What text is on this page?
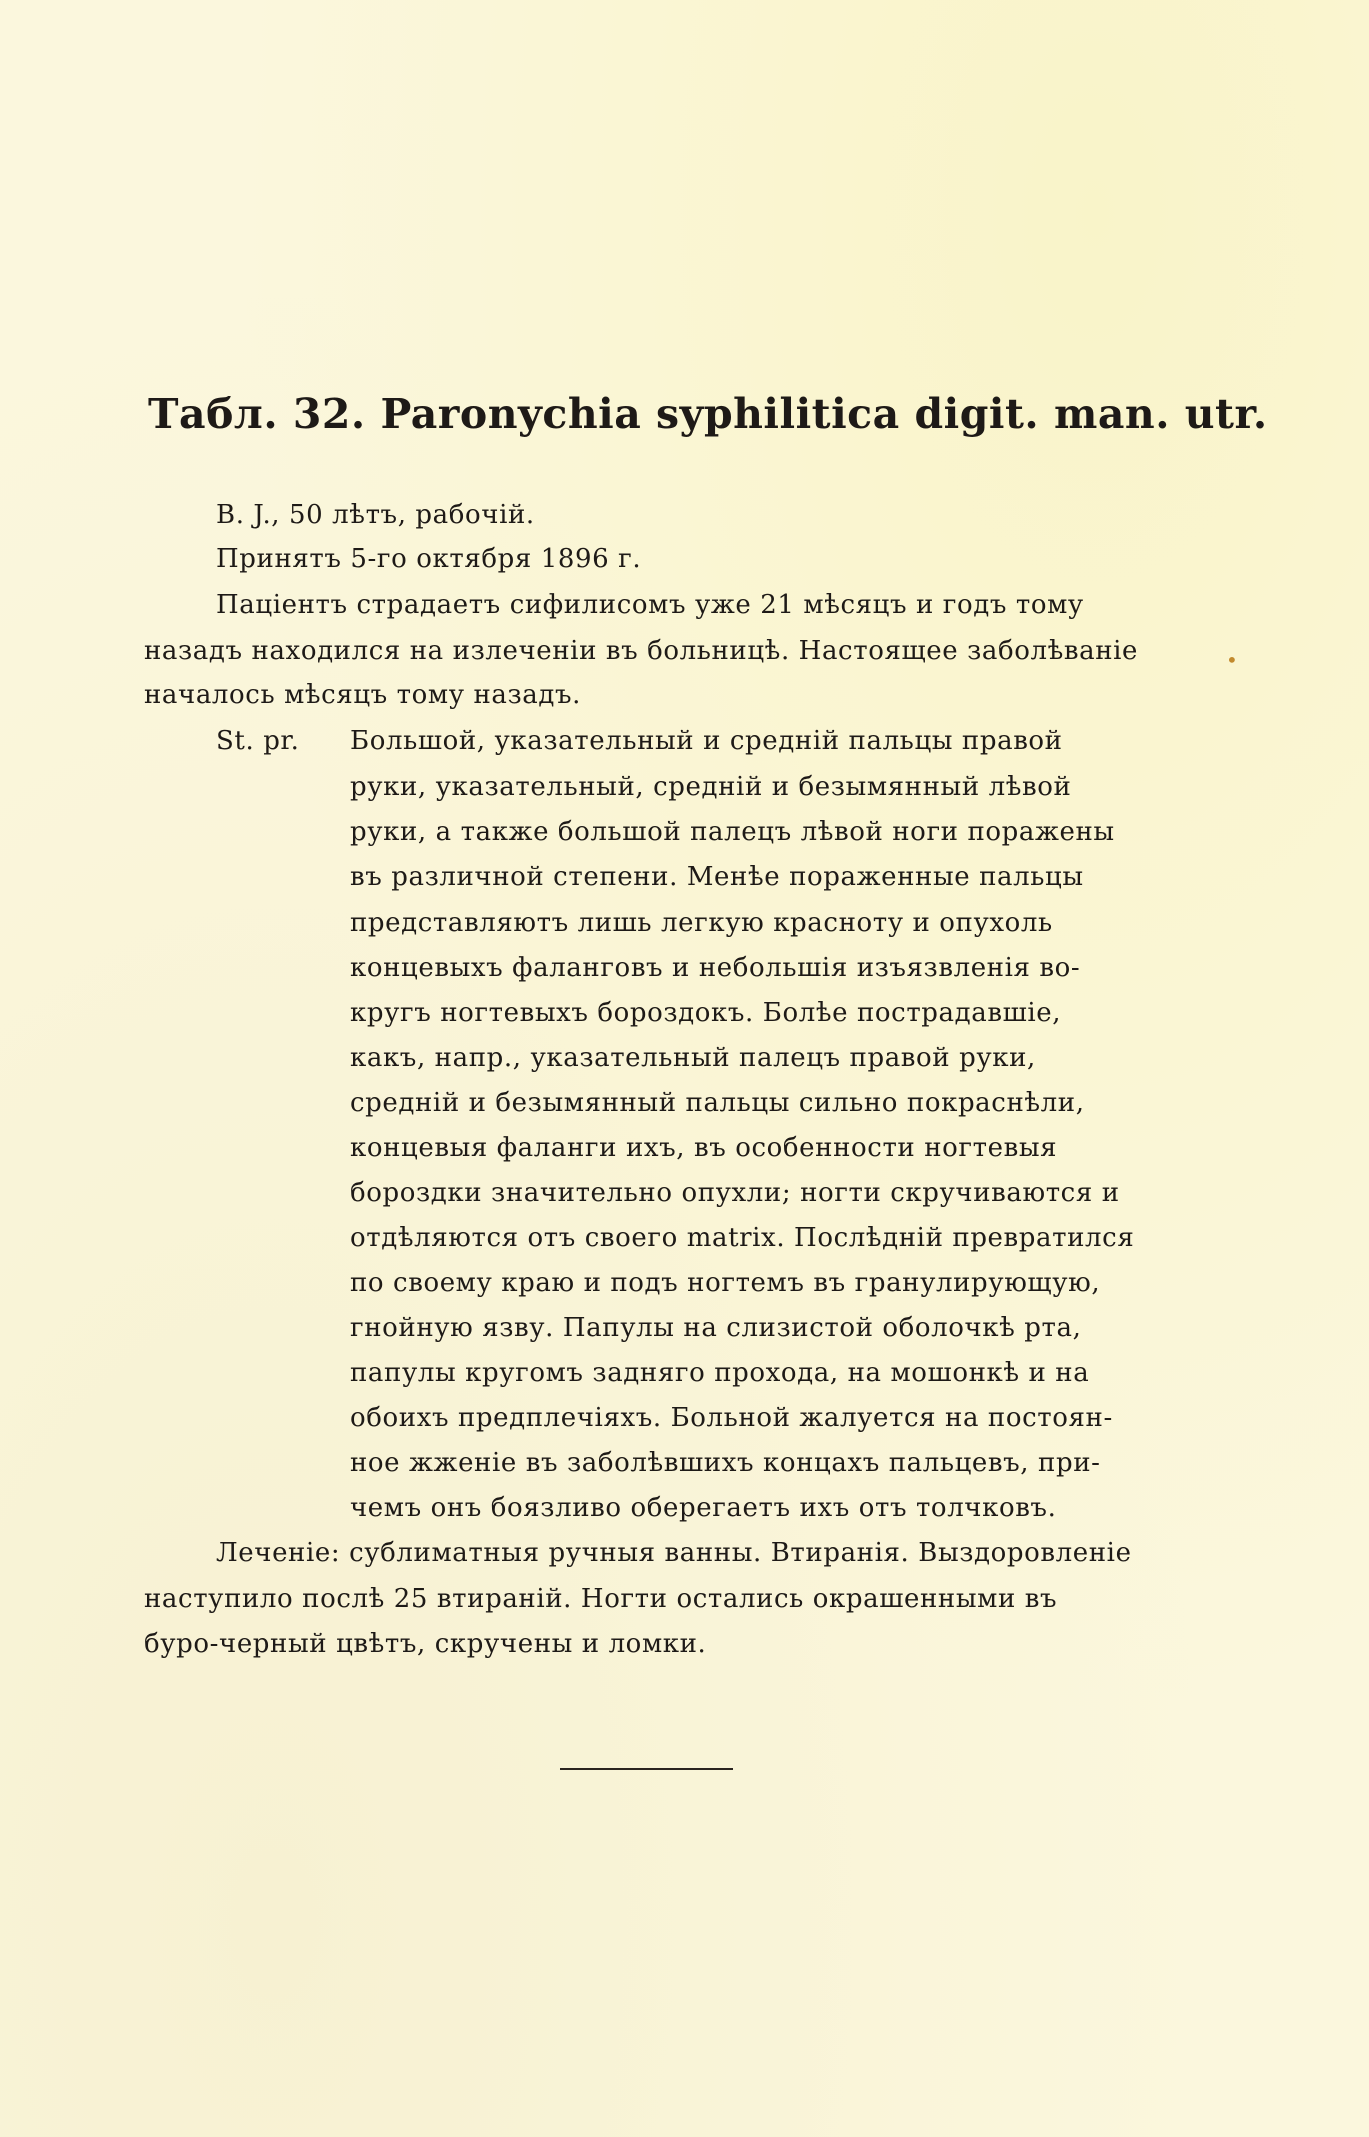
Табл. 32. Paronychia syphilitica digit. man. utr.
В. J., 50 лѣтъ, рабочій.
Принятъ 5-го октября 1896 г.
Паціентъ страдаетъ сифилисомъ уже 21 мѣсяцъ и годъ тому
назадъ находился на излеченіи въ больницѣ. Настоящее заболѣваніе
началось мѣсяцъ тому назадъ.
•
St. pr. Большой, указательный и средній пальцы правой
руки, указательный, средній и безымянный лѣвой
руки, а также большой палецъ лѣвой ноги поражены
въ различной степени. Менѣе пораженные пальцы
представляютъ лишь легкую красноту и опухоль
концевыхъ фаланговъ и небольшія изъязвленія во-
кругъ ногтевыхъ бороздокъ. Болѣе пострадавшіе,
какъ, напр., указательный палецъ правой руки,
средній и безымянный пальцы сильно покраснѣли,
концевыя фаланги ихъ, въ особенности ногтевыя
бороздки значительно опухли; ногти скручиваются и
отдѣляются отъ своего matrix. Послѣдній превратился
по своему краю и подъ ногтемъ въ гранулирующую,
гнойную язву. Папулы на слизистой оболочкѣ рта,
папулы кругомъ задняго прохода, на мошонкѣ и на
обоихъ предплечіяхъ. Больной жалуется на постоян-
ное жженіе въ заболѣвшихъ концахъ пальцевъ, при-
чемъ онъ боязливо оберегаетъ ихъ отъ толчковъ.
Леченіе: сублиматныя ручныя ванны. Втиранія. Выздоровленіе
наступило послѣ 25 втираній. Ногти остались окрашенными въ
буро-черный цвѣтъ, скручены и ломки.
